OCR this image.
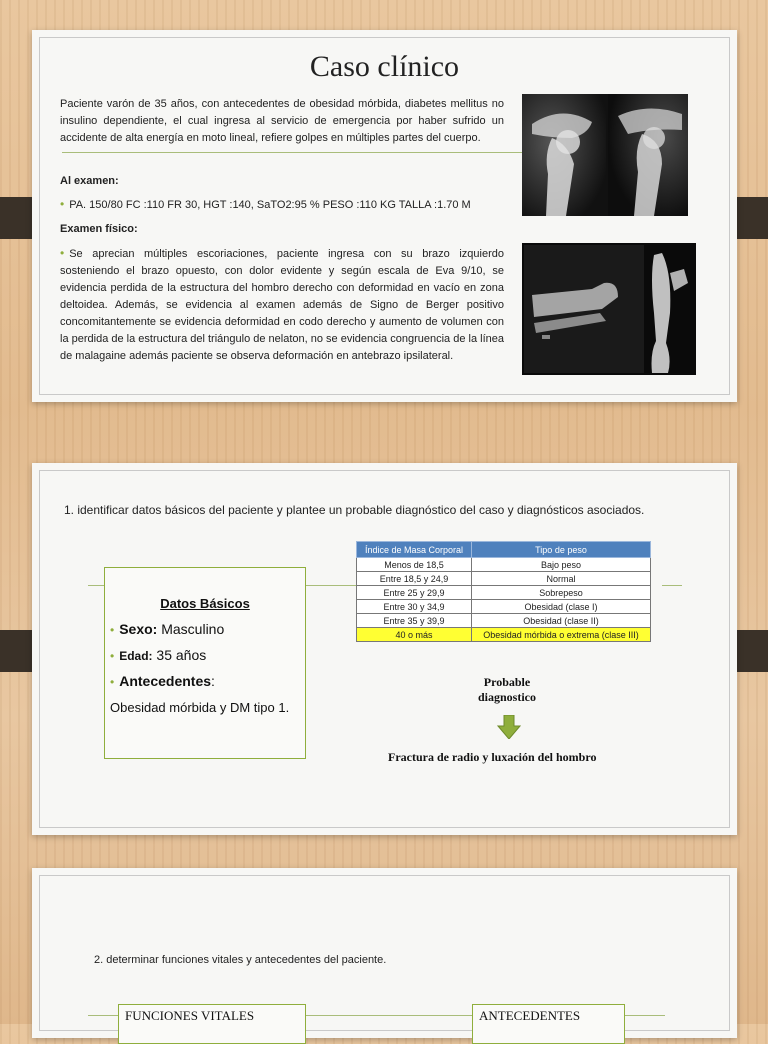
Caso clínico
Paciente varón de 35 años, con antecedentes de obesidad mórbida, diabetes mellitus no insulino dependiente, el cual ingresa al servicio de emergencia por haber sufrido un accidente de alta energía en moto lineal, refiere golpes en múltiples partes del cuerpo.
Al examen:
• PA. 150/80 FC :110 FR 30, HGT :140, SaTO2:95 % PESO :110 KG TALLA :1.70 M
Examen físico:
• Se aprecian múltiples escoriaciones, paciente ingresa con su brazo izquierdo sosteniendo el brazo opuesto, con dolor evidente y según escala de Eva 9/10, se evidencia perdida de la estructura del hombro derecho con deformidad en vacío en zona deltoidea. Además, se evidencia al examen además de Signo de Berger positivo concomitantemente se evidencia deformidad en codo derecho y aumento de volumen con la perdida de la estructura del triángulo de nelaton, no se evidencia congruencia de la línea de malagaine además paciente se observa deformación en antebrazo ipsilateral.
1. identificar datos básicos del paciente y plantee un probable diagnóstico del caso y diagnósticos asociados.
Datos Básicos
• Sexo: Masculino
• Edad: 35 años
• Antecedentes:
Obesidad mórbida y DM tipo 1.
Índice de Masa Corporal	Tipo de peso
Menos de 18,5	Bajo peso
Entre 18,5 y 24,9	Normal
Entre 25 y 29,9	Sobrepeso
Entre 30 y 34,9	Obesidad (clase I)
Entre 35 y 39,9	Obesidad (clase II)
40 o más	Obesidad mórbida o extrema (clase III)
Probable diagnostico
Fractura de radio y luxación del hombro
2. determinar funciones vitales y antecedentes del paciente.
FUNCIONES VITALES	ANTECEDENTES
